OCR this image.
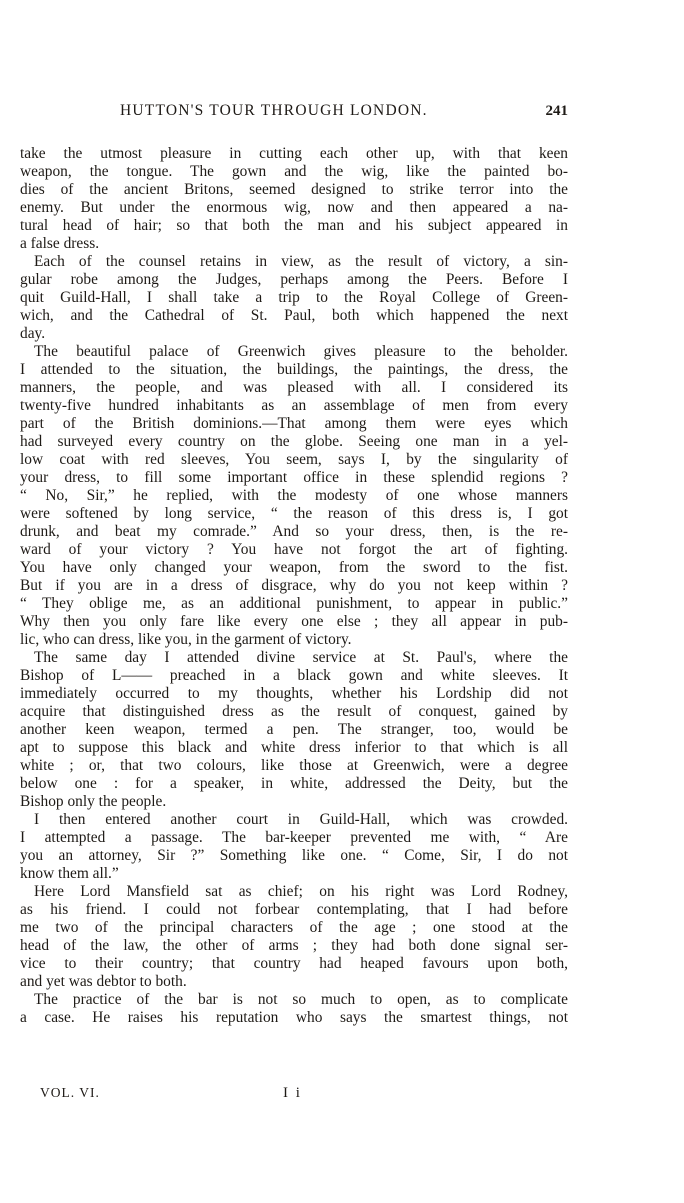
HUTTON'S TOUR THROUGH LONDON.	241
take the utmost pleasure in cutting each other up, with that keen
weapon, the tongue. The gown and the wig, like the painted bo-
dies of the ancient Britons, seemed designed to strike terror into the
enemy. But under the enormous wig, now and then appeared a na-
tural head of hair; so that both the man and his subject appeared in
a false dress.
Each of the counsel retains in view, as the result of victory, a sin-
gular robe among the Judges, perhaps among the Peers. Before I
quit Guild-Hall, I shall take a trip to the Royal College of Green-
wich, and the Cathedral of St. Paul, both which happened the next
day.
The beautiful palace of Greenwich gives pleasure to the beholder.
I attended to the situation, the buildings, the paintings, the dress, the
manners, the people, and was pleased with all. I considered its
twenty-five hundred inhabitants as an assemblage of men from every
part of the British dominions.—That among them were eyes which
had surveyed every country on the globe. Seeing one man in a yel-
low coat with red sleeves, You seem, says I, by the singularity of
your dress, to fill some important office in these splendid regions ?
“ No, Sir,” he replied, with the modesty of one whose manners
were softened by long service, “ the reason of this dress is, I got
drunk, and beat my comrade.” And so your dress, then, is the re-
ward of your victory ? You have not forgot the art of fighting.
You have only changed your weapon, from the sword to the fist.
But if you are in a dress of disgrace, why do you not keep within ?
“ They oblige me, as an additional punishment, to appear in public.”
Why then you only fare like every one else ; they all appear in pub-
lic, who can dress, like you, in the garment of victory.
The same day I attended divine service at St. Paul's, where the
Bishop of L—— preached in a black gown and white sleeves. It
immediately occurred to my thoughts, whether his Lordship did not
acquire that distinguished dress as the result of conquest, gained by
another keen weapon, termed a pen. The stranger, too, would be
apt to suppose this black and white dress inferior to that which is all
white ; or, that two colours, like those at Greenwich, were a degree
below one : for a speaker, in white, addressed the Deity, but the
Bishop only the people.
I then entered another court in Guild-Hall, which was crowded.
I attempted a passage. The bar-keeper prevented me with, “ Are
you an attorney, Sir ?” Something like one. “ Come, Sir, I do not
know them all.”
Here Lord Mansfield sat as chief; on his right was Lord Rodney,
as his friend. I could not forbear contemplating, that I had before
me two of the principal characters of the age ; one stood at the
head of the law, the other of arms ; they had both done signal ser-
vice to their country; that country had heaped favours upon both,
and yet was debtor to both.
The practice of the bar is not so much to open, as to complicate
a case. He raises his reputation who says the smartest things, not
VOL. VI.	I i
